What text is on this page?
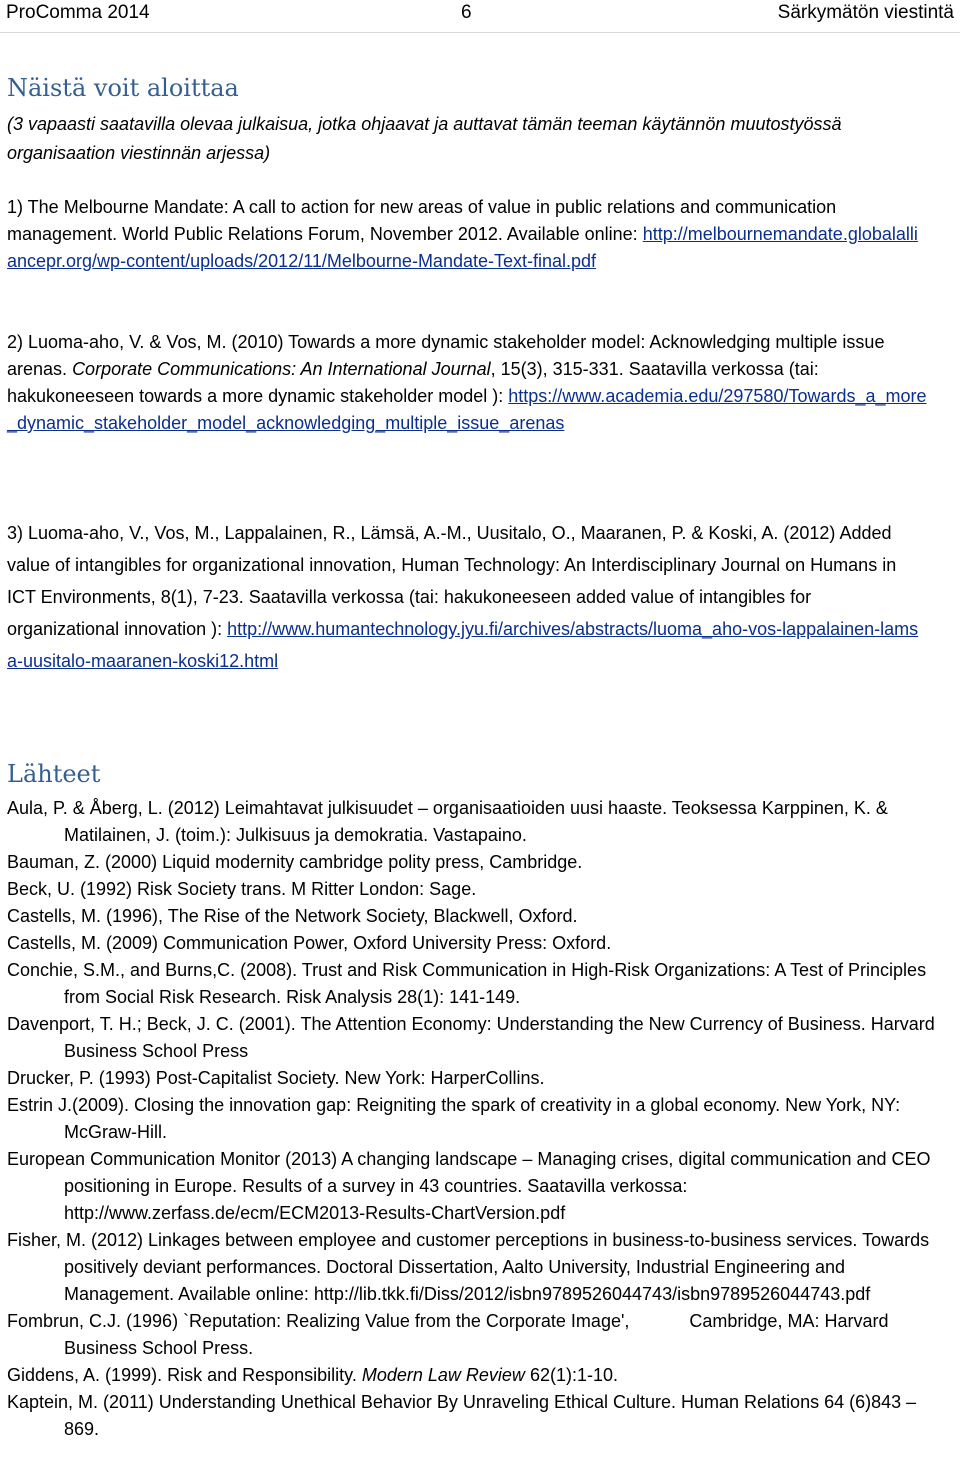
ProComma 2014	6	Särkymätön viestintä
Näistä voit aloittaa
(3 vapaasti saatavilla olevaa julkaisua, jotka ohjaavat ja auttavat tämän teeman käytännön muutostyössä organisaation viestinnän arjessa)
1) The Melbourne Mandate: A call to action for new areas of value in public relations and communication management. World Public Relations Forum, November 2012. Available online: http://melbournemandate.globalalliancepr.org/wp-content/uploads/2012/11/Melbourne-Mandate-Text-final.pdf
2) Luoma-aho, V. & Vos, M. (2010) Towards a more dynamic stakeholder model: Acknowledging multiple issue arenas. Corporate Communications: An International Journal, 15(3), 315-331. Saatavilla verkossa (tai: hakukoneeseen towards a more dynamic stakeholder model ): https://www.academia.edu/297580/Towards_a_more_dynamic_stakeholder_model_acknowledging_multiple_issue_arenas
3) Luoma-aho, V., Vos, M., Lappalainen, R., Lämsä, A.-M., Uusitalo, O., Maaranen, P. & Koski, A. (2012) Added value of intangibles for organizational innovation, Human Technology: An Interdisciplinary Journal on Humans in ICT Environments, 8(1), 7-23. Saatavilla verkossa (tai: hakukoneeseen added value of intangibles for organizational innovation ): http://www.humantechnology.jyu.fi/archives/abstracts/luoma_aho-vos-lappalainen-lamsa-uusitalo-maaranen-koski12.html
Lähteet
Aula, P. & Åberg, L. (2012) Leimahtavat julkisuudet – organisaatioiden uusi haaste. Teoksessa Karppinen, K. & Matilainen, J. (toim.): Julkisuus ja demokratia. Vastapaino.
Bauman, Z. (2000) Liquid modernity cambridge polity press, Cambridge.
Beck, U. (1992) Risk Society trans. M Ritter London: Sage.
Castells, M. (1996), The Rise of the Network Society, Blackwell, Oxford.
Castells, M. (2009) Communication Power, Oxford University Press: Oxford.
Conchie, S.M., and Burns,C. (2008). Trust and Risk Communication in High-Risk Organizations: A Test of Principles from Social Risk Research. Risk Analysis 28(1): 141-149.
Davenport, T. H.; Beck, J. C. (2001). The Attention Economy: Understanding the New Currency of Business. Harvard Business School Press
Drucker, P. (1993) Post-Capitalist Society. New York: HarperCollins.
Estrin J.(2009). Closing the innovation gap: Reigniting the spark of creativity in a global economy. New York, NY: McGraw-Hill.
European Communication Monitor (2013) A changing landscape – Managing crises, digital communication and CEO positioning in Europe. Results of a survey in 43 countries. Saatavilla verkossa: http://www.zerfass.de/ecm/ECM2013-Results-ChartVersion.pdf
Fisher, M. (2012) Linkages between employee and customer perceptions in business-to-business services. Towards positively deviant performances. Doctoral Dissertation, Aalto University, Industrial Engineering and Management. Available online: http://lib.tkk.fi/Diss/2012/isbn9789526044743/isbn9789526044743.pdf
Fombrun, C.J. (1996) `Reputation: Realizing Value from the Corporate Image',	Cambridge, MA: Harvard Business School Press.
Giddens, A. (1999). Risk and Responsibility. Modern Law Review 62(1):1-10.
Kaptein, M. (2011) Understanding Unethical Behavior By Unraveling Ethical Culture. Human Relations 64 (6)843 – 869.
